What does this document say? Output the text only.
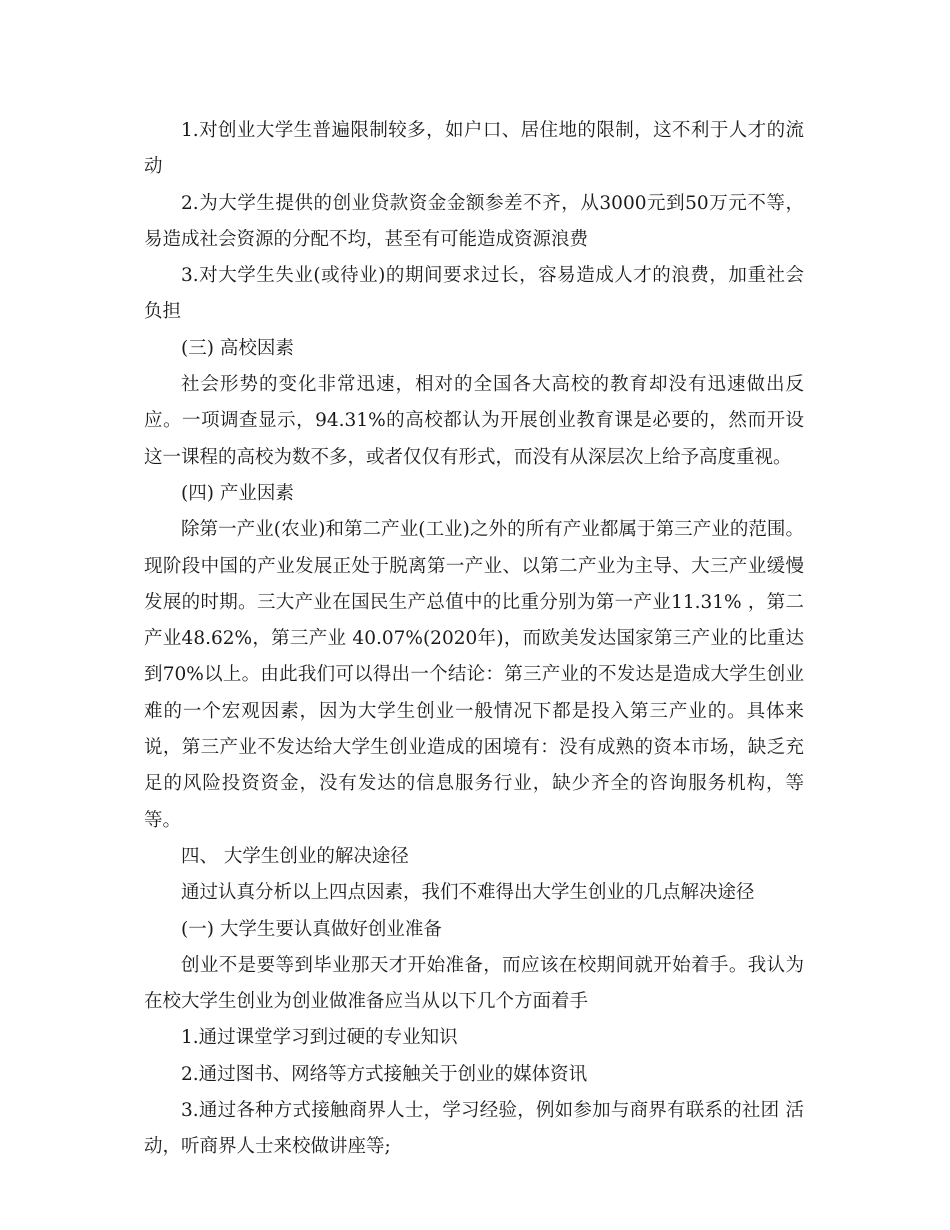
1.对创业大学生普遍限制较多，如户口、居住地的限制，这不利于人才的流动

2.为大学生提供的创业贷款资金金额参差不齐，从3000元到50万元不等，易造成社会资源的分配不均，甚至有可能造成资源浪费

3.对大学生失业(或待业)的期间要求过长，容易造成人才的浪费，加重社会负担

(三) 高校因素

社会形势的变化非常迅速，相对的全国各大高校的教育却没有迅速做出反应。一项调查显示，94.31%的高校都认为开展创业教育课是必要的，然而开设这一课程的高校为数不多，或者仅仅有形式，而没有从深层次上给予高度重视。

(四) 产业因素

除第一产业(农业)和第二产业(工业)之外的所有产业都属于第三产业的范围。现阶段中国的产业发展正处于脱离第一产业、以第二产业为主导、大三产业缓慢发展的时期。三大产业在国民生产总值中的比重分别为第一产业11.31% ，第二产业48.62%，第三产业 40.07%(2020年)，而欧美发达国家第三产业的比重达到70%以上。由此我们可以得出一个结论：第三产业的不发达是造成大学生创业难的一个宏观因素，因为大学生创业一般情况下都是投入第三产业的。具体来说，第三产业不发达给大学生创业造成的困境有：没有成熟的资本市场，缺乏充足的风险投资资金，没有发达的信息服务行业，缺少齐全的咨询服务机构，等等。

四、 大学生创业的解决途径

通过认真分析以上四点因素，我们不难得出大学生创业的几点解决途径

(一) 大学生要认真做好创业准备

创业不是要等到毕业那天才开始准备，而应该在校期间就开始着手。我认为在校大学生创业为创业做准备应当从以下几个方面着手

1.通过课堂学习到过硬的专业知识

2.通过图书、网络等方式接触关于创业的媒体资讯

3.通过各种方式接触商界人士，学习经验，例如参加与商界有联系的社团 活动，听商界人士来校做讲座等;
